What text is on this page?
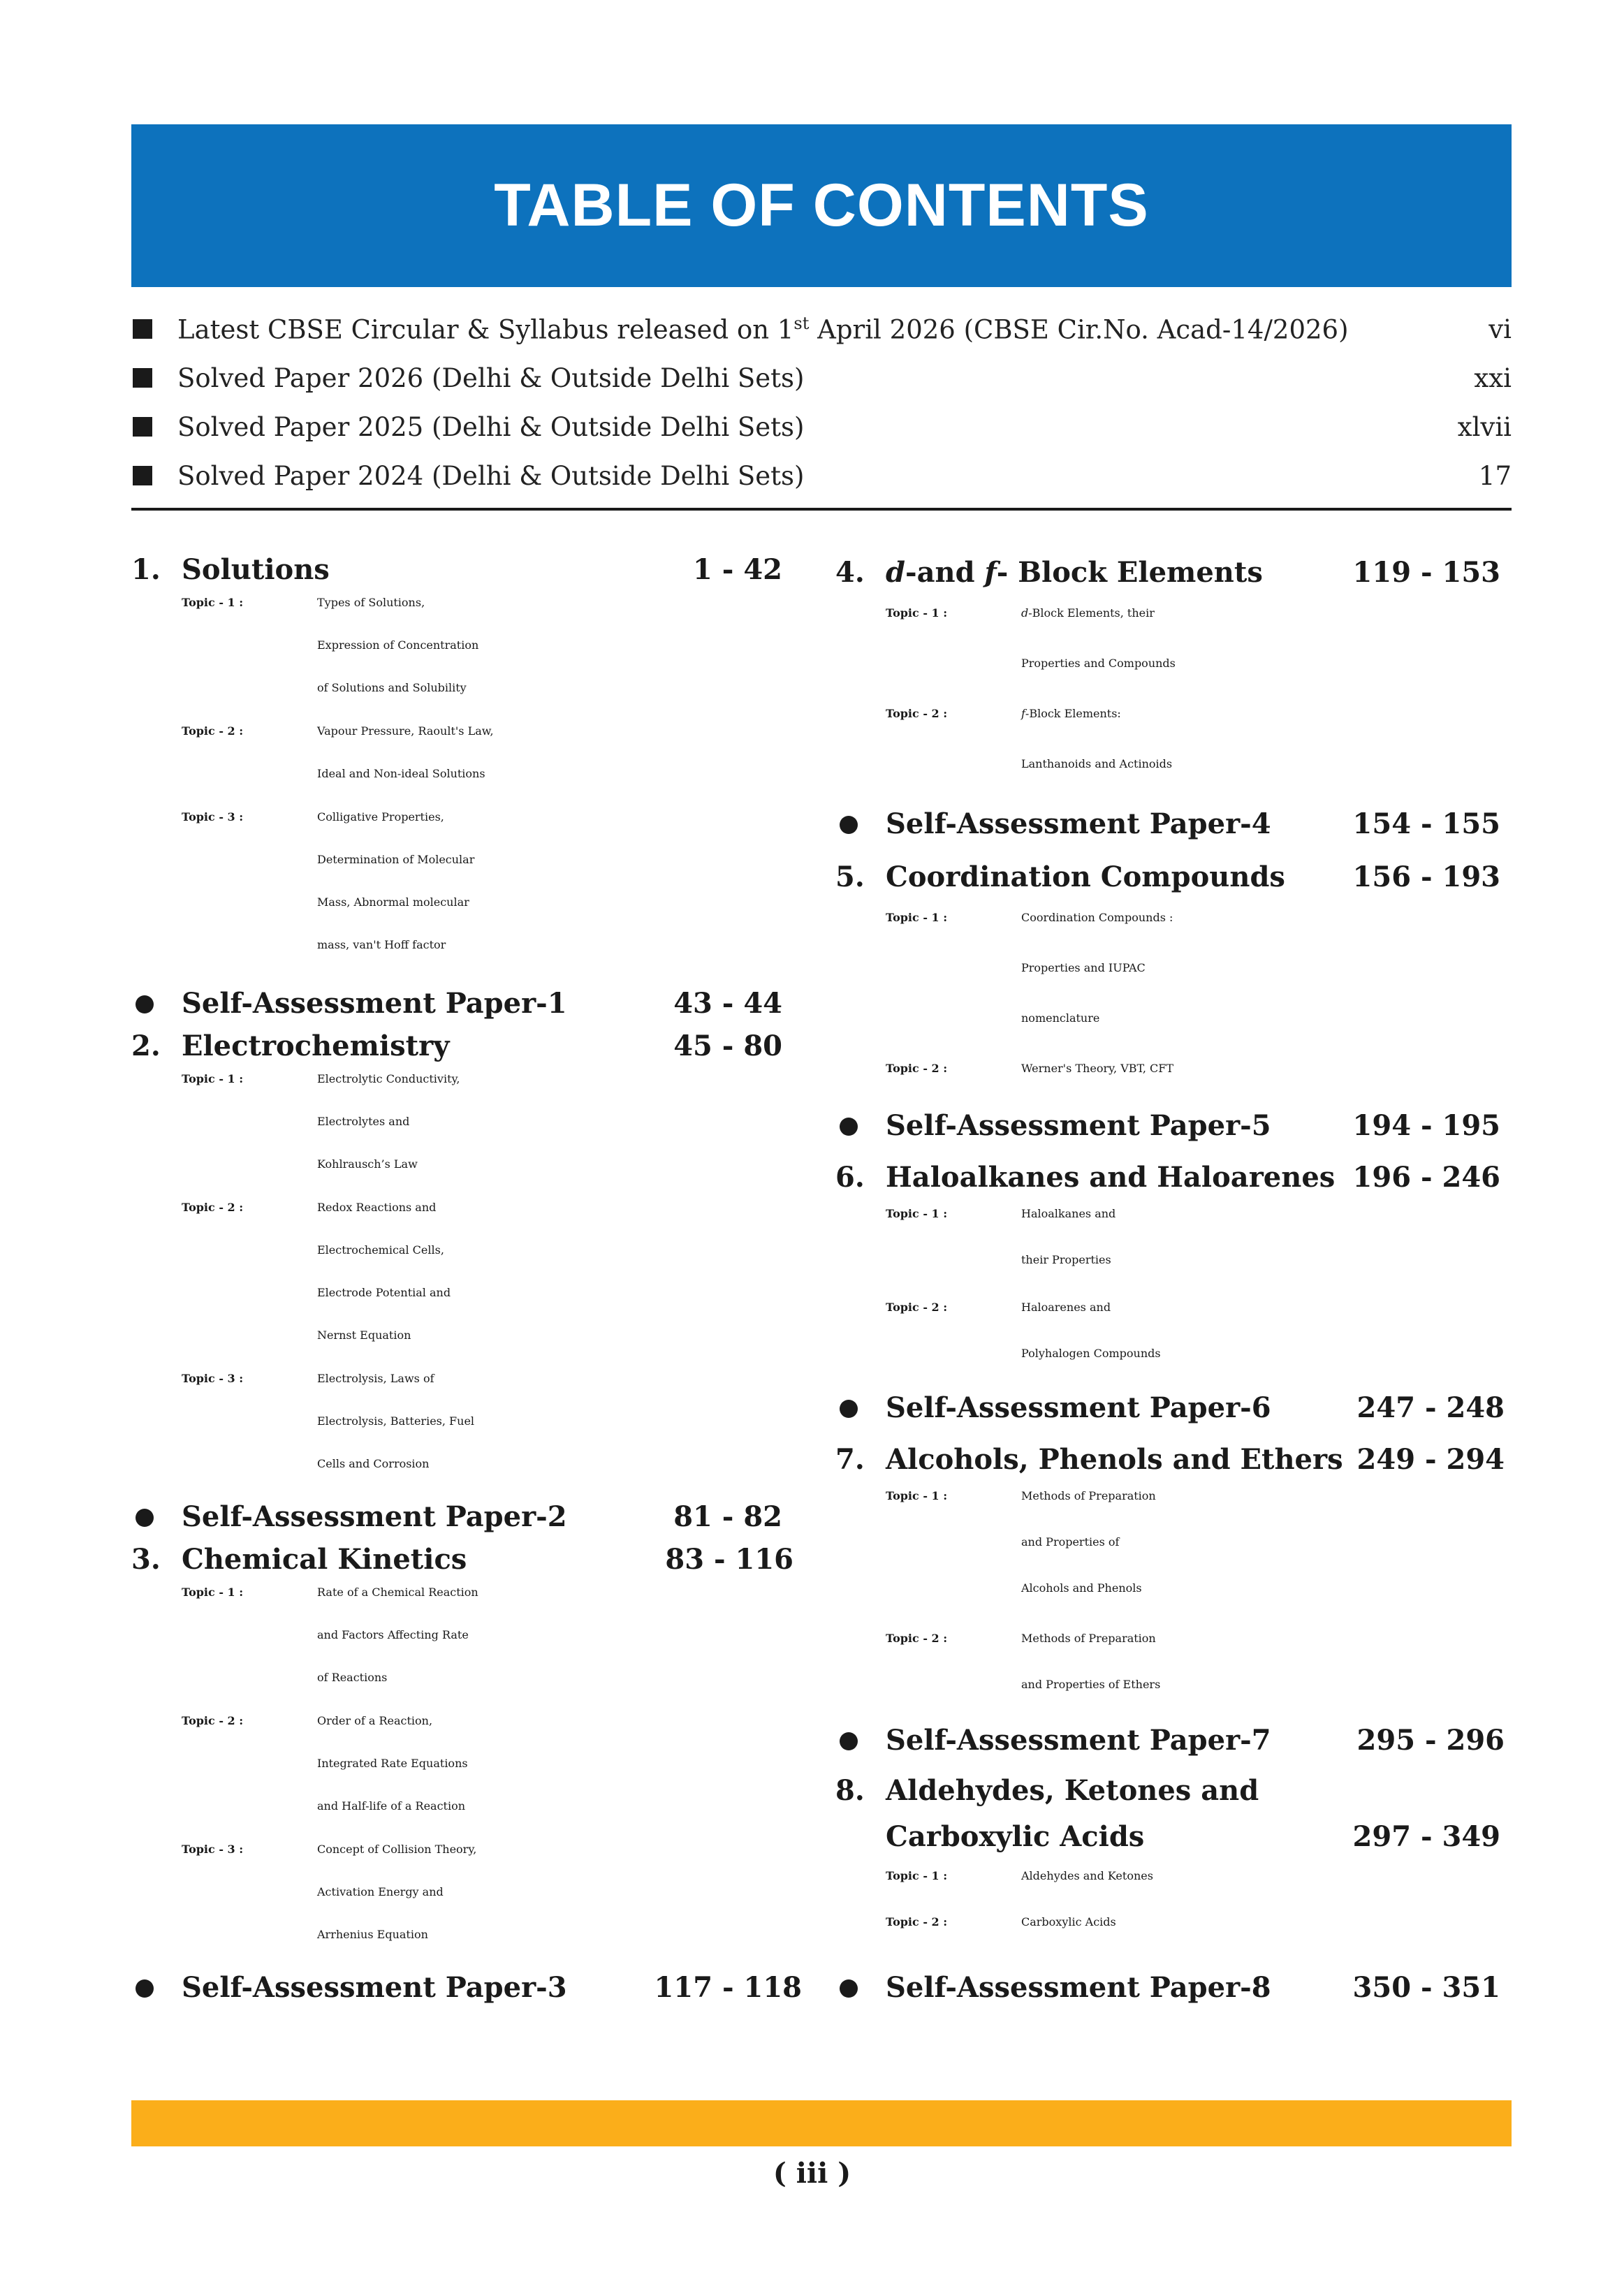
TABLE OF CONTENTS
Latest CBSE Circular & Syllabus released on 1st April 2026 (CBSE Cir.No. Acad-14/2026)	vi
Solved Paper 2026 (Delhi & Outside Delhi Sets)	xxi
Solved Paper 2025 (Delhi & Outside Delhi Sets)	xlvii
Solved Paper 2024 (Delhi & Outside Delhi Sets)	17
1. Solutions	1 - 42
Topic - 1 :	Types of Solutions,
Expression of Concentration
of Solutions and Solubility
Topic - 2 :	Vapour Pressure, Raoult's Law,
Ideal and Non-ideal Solutions
Topic - 3 :	Colligative Properties,
Determination of Molecular
Mass, Abnormal molecular
mass, van't Hoff factor
Self-Assessment Paper-1	43 - 44
2. Electrochemistry	45 - 80
Topic - 1 :	Electrolytic Conductivity,
Electrolytes and
Kohlrausch’s Law
Topic - 2 :	Redox Reactions and
Electrochemical Cells,
Electrode Potential and
Nernst Equation
Topic - 3 :	Electrolysis, Laws of
Electrolysis, Batteries, Fuel
Cells and Corrosion
Self-Assessment Paper-2	81 - 82
3. Chemical Kinetics	83 - 116
Topic - 1 :	Rate of a Chemical Reaction
and Factors Affecting Rate
of Reactions
Topic - 2 :	Order of a Reaction,
Integrated Rate Equations
and Half-life of a Reaction
Topic - 3 :	Concept of Collision Theory,
Activation Energy and
Arrhenius Equation
Self-Assessment Paper-3	117 - 118
4. d-and f- Block Elements	119 - 153
Topic - 1 :	d-Block Elements, their
Properties and Compounds
Topic - 2 :	f-Block Elements:
Lanthanoids and Actinoids
Self-Assessment Paper-4	154 - 155
5. Coordination Compounds 156 - 193
Topic - 1 :	Coordination Compounds :
Properties and IUPAC
nomenclature
Topic - 2 :	Werner's Theory, VBT, CFT
Self-Assessment Paper-5	194 - 195
6. Haloalkanes and Haloarenes 196 - 246
Topic - 1 :	Haloalkanes and
their Properties
Topic - 2 :	Haloarenes and
Polyhalogen Compounds
Self-Assessment Paper-6	247 - 248
7. Alcohols, Phenols and Ethers 249 - 294
Topic - 1 :	Methods of Preparation
and Properties of
Alcohols and Phenols
Topic - 2 :	Methods of Preparation
and Properties of Ethers
Self-Assessment Paper-7	295 - 296
8. Aldehydes, Ketones and
Carboxylic Acids	297 - 349
Topic - 1 :	Aldehydes and Ketones
Topic - 2 :	Carboxylic Acids
Self-Assessment Paper-8	350 - 351
( iii )
